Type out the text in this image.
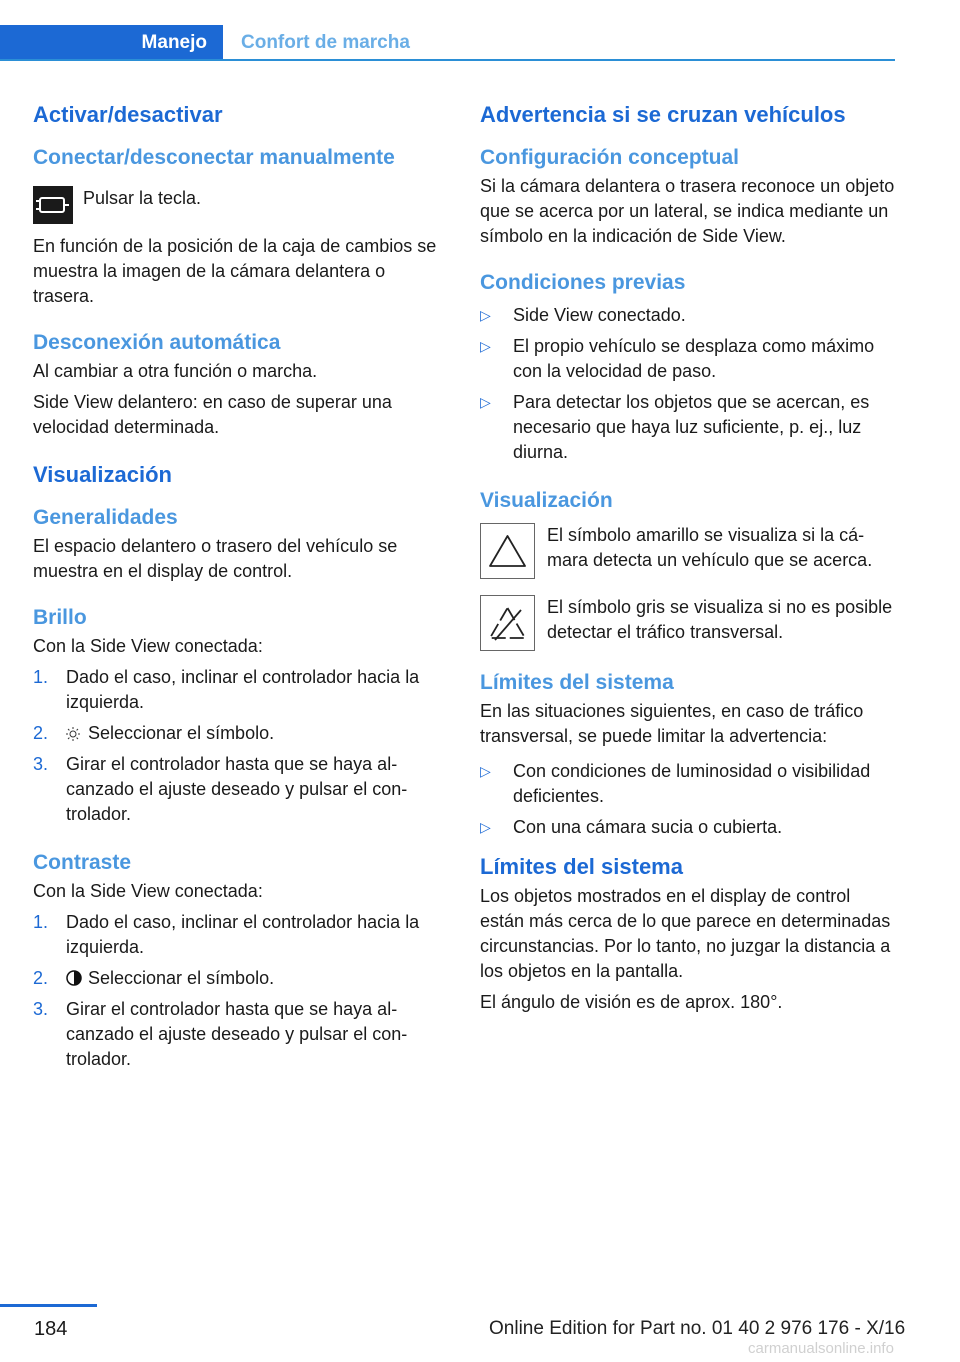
Manejo Confort de marcha
Activar/desactivar
Conectar/desconectar manualmente
Pulsar la tecla.
En función de la posición de la caja de cambios se muestra la imagen de la cámara delantera o trasera.
Desconexión automática
Al cambiar a otra función o marcha.
Side View delantero: en caso de superar una velocidad determinada.
Visualización
Generalidades
El espacio delantero o trasero del vehículo se muestra en el display de control.
Brillo
Con la Side View conectada:
1. Dado el caso, inclinar el controlador hacia la izquierda.
2. Seleccionar el símbolo.
3. Girar el controlador hasta que se haya alcanzado el ajuste deseado y pulsar el controlador.
Contraste
Con la Side View conectada:
1. Dado el caso, inclinar el controlador hacia la izquierda.
2. Seleccionar el símbolo.
3. Girar el controlador hasta que se haya alcanzado el ajuste deseado y pulsar el controlador.
Advertencia si se cruzan vehículos
Configuración conceptual
Si la cámara delantera o trasera reconoce un objeto que se acerca por un lateral, se indica mediante un símbolo en la indicación de Side View.
Condiciones previas
▷ Side View conectado.
▷ El propio vehículo se desplaza como máximo con la velocidad de paso.
▷ Para detectar los objetos que se acercan, es necesario que haya luz suficiente, p. ej., luz diurna.
Visualización
El símbolo amarillo se visualiza si la cámara detecta un vehículo que se acerca.
El símbolo gris se visualiza si no es posible detectar el tráfico transversal.
Límites del sistema
En las situaciones siguientes, en caso de tráfico transversal, se puede limitar la advertencia:
▷ Con condiciones de luminosidad o visibilidad deficientes.
▷ Con una cámara sucia o cubierta.
Límites del sistema
Los objetos mostrados en el display de control están más cerca de lo que parece en determinadas circunstancias. Por lo tanto, no juzgar la distancia a los objetos en la pantalla.
El ángulo de visión es de aprox. 180°.
184	Online Edition for Part no. 01 40 2 976 176 - X/16
carmanualsonline.info
